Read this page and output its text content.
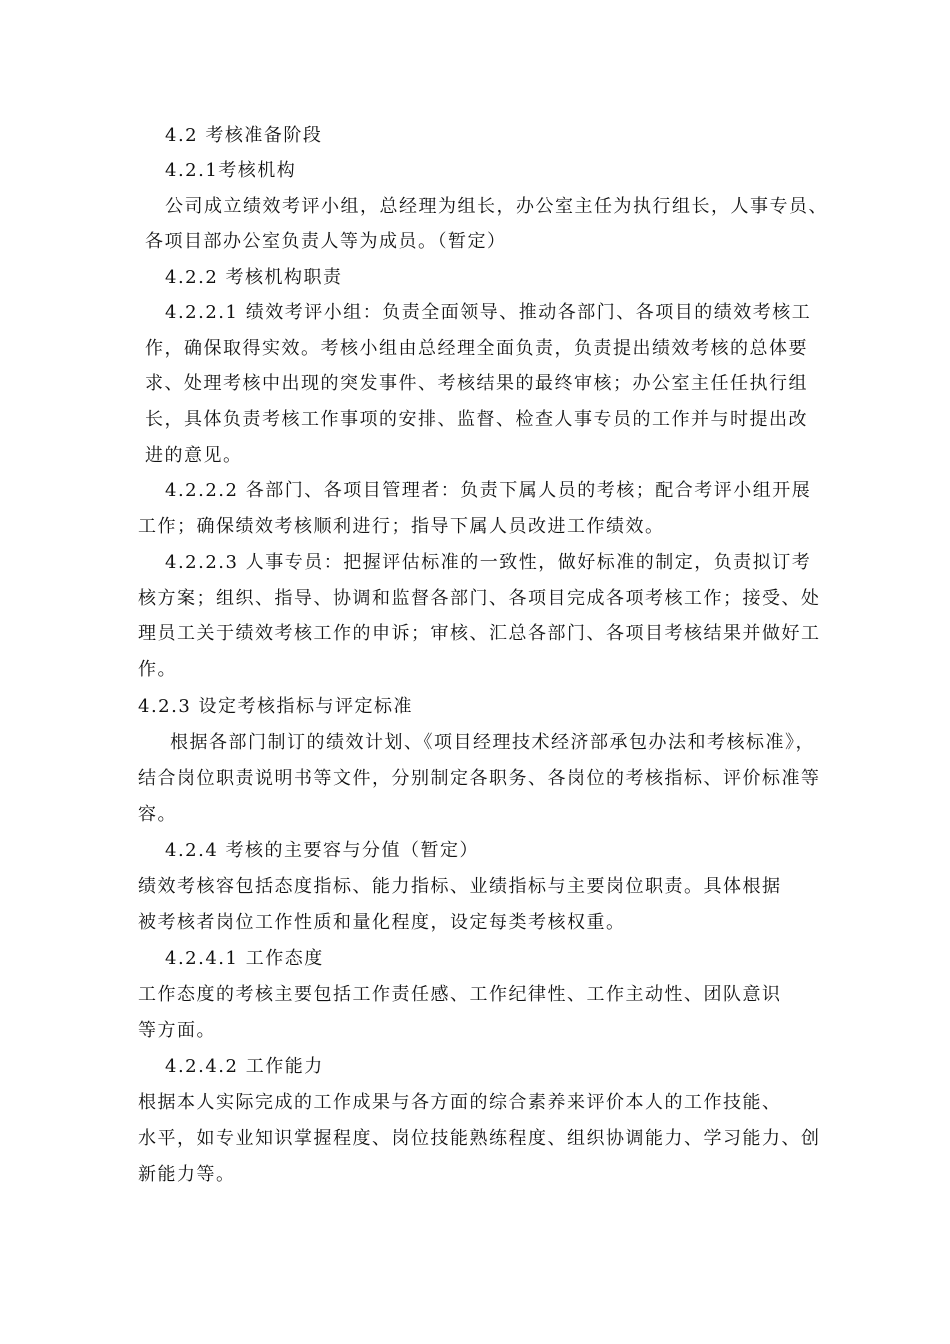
4.2 考核准备阶段
4.2.1考核机构
公司成立绩效考评小组，总经理为组长，办公室主任为执行组长，人事专员、
各项目部办公室负责人等为成员。（暂定）
4.2.2 考核机构职责
4.2.2.1 绩效考评小组：负责全面领导、推动各部门、各项目的绩效考核工
作，确保取得实效。考核小组由总经理全面负责，负责提出绩效考核的总体要
求、处理考核中出现的突发事件、考核结果的最终审核；办公室主任任执行组
长，具体负责考核工作事项的安排、监督、检查人事专员的工作并与时提出改
进的意见。
4.2.2.2 各部门、各项目管理者：负责下属人员的考核；配合考评小组开展
工作；确保绩效考核顺利进行；指导下属人员改进工作绩效。
4.2.2.3 人事专员：把握评估标准的一致性，做好标准的制定，负责拟订考
核方案；组织、指导、协调和监督各部门、各项目完成各项考核工作；接受、处
理员工关于绩效考核工作的申诉；审核、汇总各部门、各项目考核结果并做好工
作。
4.2.3 设定考核指标与评定标准
根据各部门制订的绩效计划、《项目经理技术经济部承包办法和考核标准》，
结合岗位职责说明书等文件，分别制定各职务、各岗位的考核指标、评价标准等
容。
4.2.4 考核的主要容与分值（暂定）
绩效考核容包括态度指标、能力指标、业绩指标与主要岗位职责。具体根据
被考核者岗位工作性质和量化程度，设定每类考核权重。
4.2.4.1 工作态度
工作态度的考核主要包括工作责任感、工作纪律性、工作主动性、团队意识
等方面。
4.2.4.2 工作能力
根据本人实际完成的工作成果与各方面的综合素养来评价本人的工作技能、
水平，如专业知识掌握程度、岗位技能熟练程度、组织协调能力、学习能力、创
新能力等。
